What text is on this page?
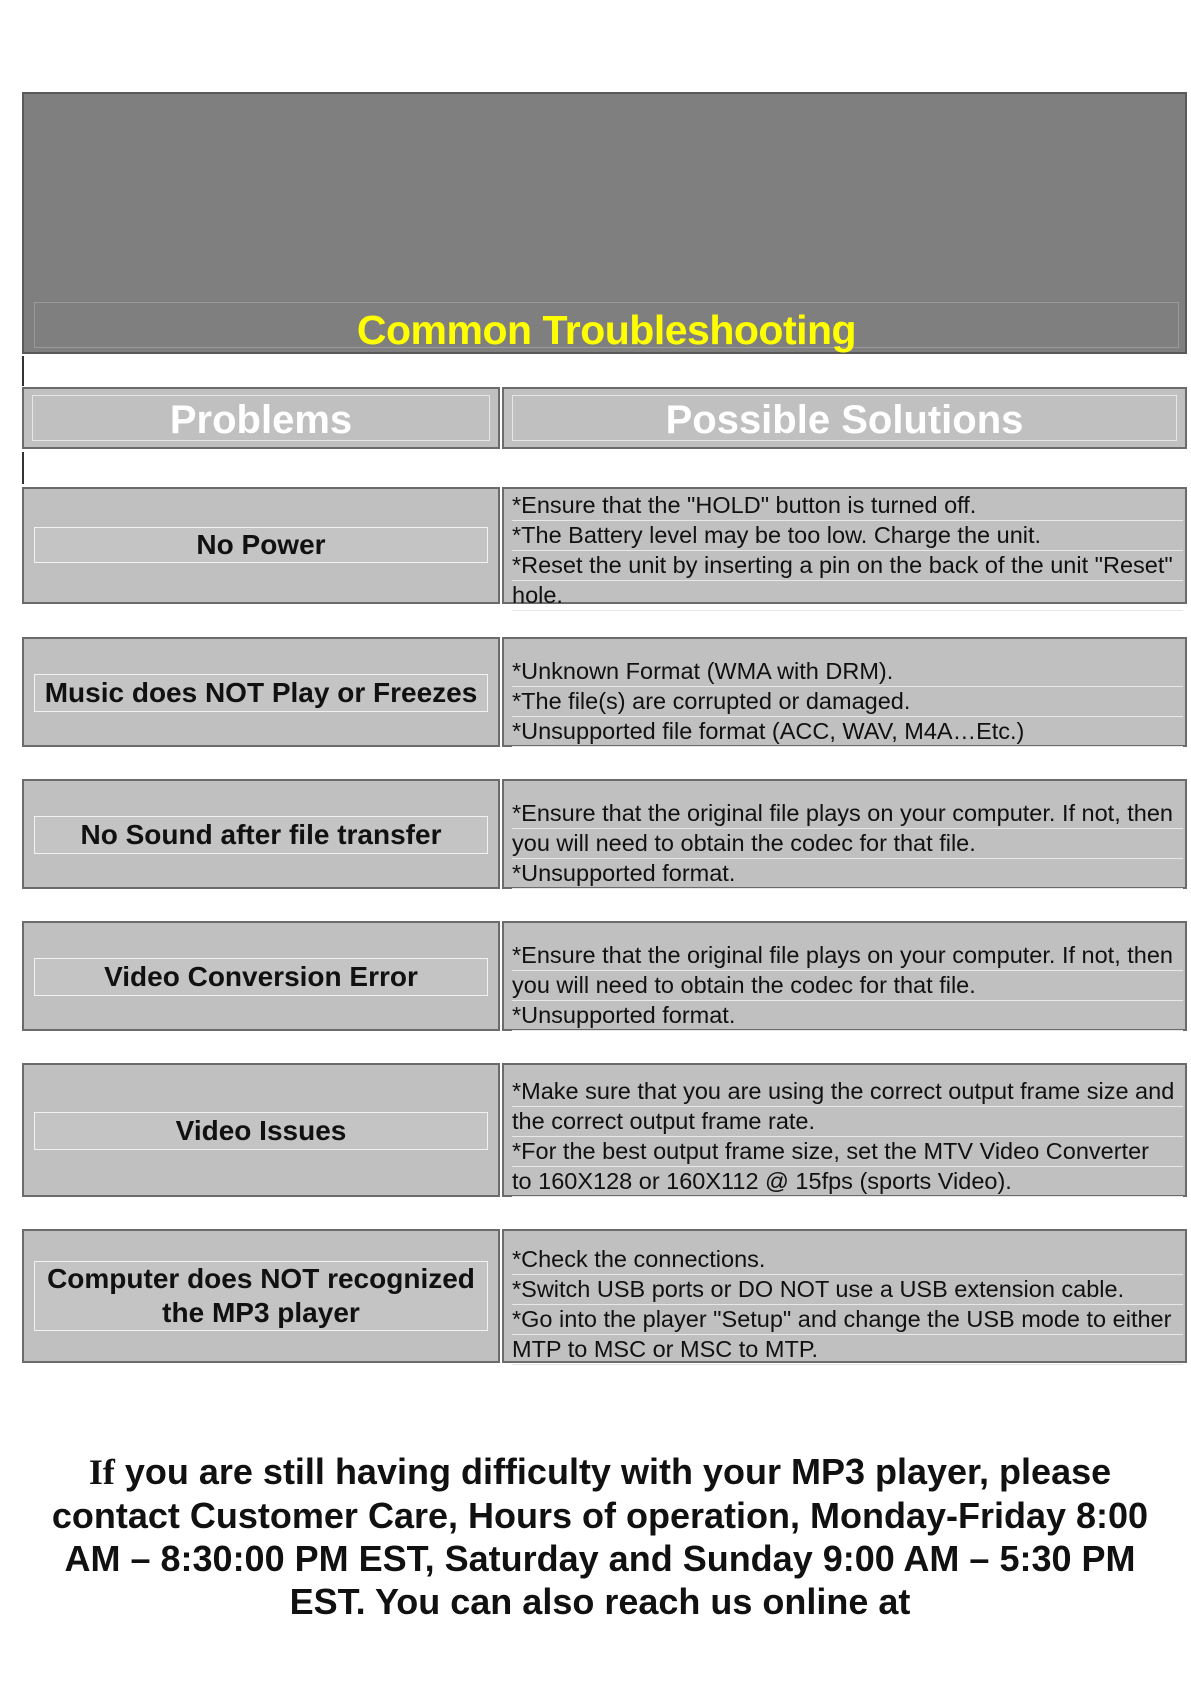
Common Troubleshooting
Problems	Possible Solutions
No Power
*Ensure that the "HOLD" button is turned off.
*The Battery level may be too low. Charge the unit.
*Reset the unit by inserting a pin on the back of the unit "Reset"
hole.
Music does NOT Play or Freezes
*Unknown Format (WMA with DRM).
*The file(s) are corrupted or damaged.
*Unsupported file format (ACC, WAV, M4A…Etc.)
No Sound after file transfer
*Ensure that the original file plays on your computer. If not, then
you will need to obtain the codec for that file.
*Unsupported format.
Video Conversion Error
*Ensure that the original file plays on your computer. If not, then
you will need to obtain the codec for that file.
*Unsupported format.
Video Issues
*Make sure that you are using the correct output frame size and
the correct output frame rate.
*For the best output frame size, set the MTV Video Converter
to 160X128 or 160X112 @ 15fps (sports Video).
Computer does NOT recognized
the MP3 player
*Check the connections.
*Switch USB ports or DO NOT use a USB extension cable.
*Go into the player "Setup" and change the USB mode to either
MTP to MSC or MSC to MTP.
If you are still having difficulty with your MP3 player, please contact Customer Care, Hours of operation, Monday-Friday 8:00 AM – 8:30:00 PM EST, Saturday and Sunday 9:00 AM – 5:30 PM EST. You can also reach us online at
